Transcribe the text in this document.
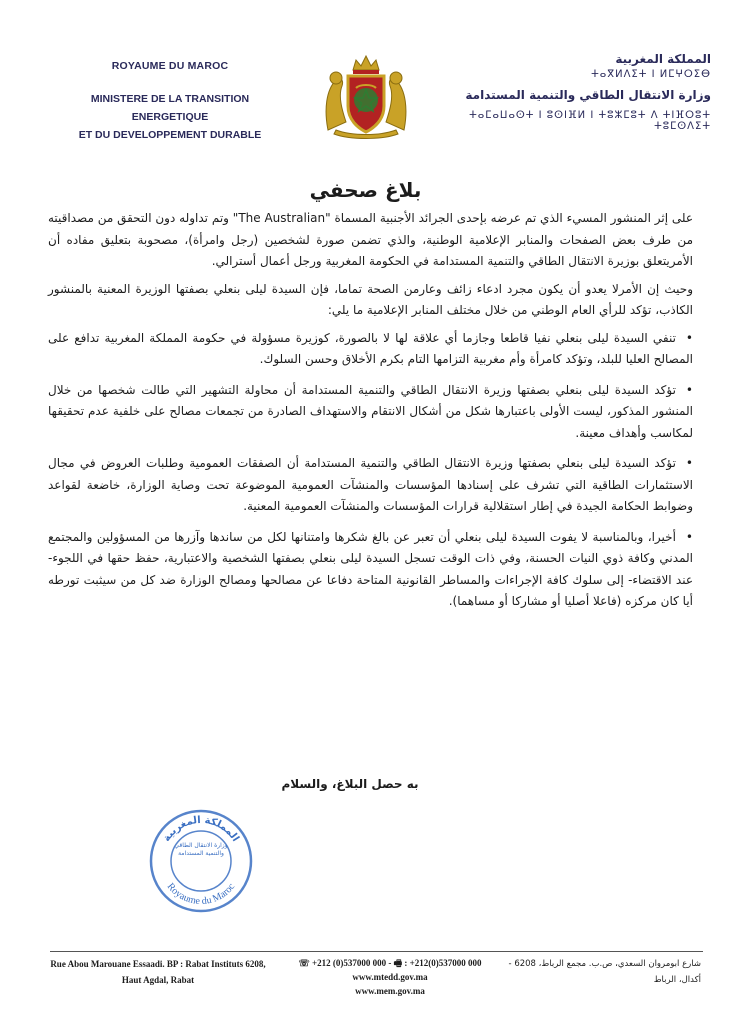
ROYAUME DU MAROC
MINISTERE DE LA TRANSITION ENERGETIQUE
ET DU DEVELOPPEMENT DURABLE
المملكة المغربية
ⵜⴰⴳⵍⴷⵉⵜ ⵏ ⵍⵎⵖⵔⵉⴱ
وزارة الانتقال الطاقي والتنمية المستدامة
ⵜⴰⵎⴰⵡⴰⵙⵜ ⵏ ⵓⵙⵏⴼⵍ ⵏ ⵜⵓⵣⵎⵓⵜ ⴷ ⵜⵏⴼⵔⵓⵜ ⵜⵓⵎⵙⴷⵉⵜ
بلاغ صحفي

على إثر المنشور المسيء الذي تم عرضه بإحدى الجرائد الأجنبية المسماة "The Australian" وتم تداوله دون التحقق من مصداقيته من طرف بعض الصفحات والمنابر الإعلامية الوطنية، والذي تضمن صورة لشخصين (رجل وامرأة)، مصحوبة بتعليق مفاده أن الأمريتعلق بوزيرة الانتقال الطاقي والتنمية المستدامة في الحكومة المغربية ورجل أعمال أسترالي.

وحيث إن الأمرلا يعدو أن يكون مجرد ادعاء زائف وعارمن الصحة تماما، فإن السيدة ليلى بنعلي بصفتها الوزيرة المعنية بالمنشور الكاذب، تؤكد للرأي العام الوطني من خلال مختلف المنابر الإعلامية ما يلي:

• تنفي السيدة ليلى بنعلي نفيا قاطعا وجازما أي علاقة لها لا بالصورة، كوزيرة مسؤولة في حكومة المملكة المغربية تدافع على المصالح العليا للبلد، وتؤكد كامرأة وأم مغربية التزامها التام بكرم الأخلاق وحسن السلوك.

• تؤكد السيدة ليلى بنعلي بصفتها وزيرة الانتقال الطاقي والتنمية المستدامة أن محاولة التشهير التي طالت شخصها من خلال المنشور المذكور، ليست الأولى باعتبارها شكل من أشكال الانتقام والاستهداف الصادرة من تجمعات مصالح على خلفية عدم تحقيقها لمكاسب وأهداف معينة.

• تؤكد السيدة ليلى بنعلي بصفتها وزيرة الانتقال الطاقي والتنمية المستدامة أن الصفقات العمومية وطلبات العروض في مجال الاستثمارات الطاقية التي تشرف على إسنادها المؤسسات والمنشآت العمومية الموضوعة تحت وصاية الوزارة، خاضعة لقواعد وضوابط الحكامة الجيدة في إطار استقلالية قرارات المؤسسات والمنشآت العمومية المعنية.

• أخيرا، وبالمناسبة لا يفوت السيدة ليلى بنعلي أن تعبر عن بالغ شكرها وامتنانها لكل من ساندها وآزرها من المسؤولين والمجتمع المدني وكافة ذوي النيات الحسنة، وفي ذات الوقت تسجل السيدة ليلى بنعلي بصفتها الشخصية والاعتبارية، حفظ حقها في اللجوء-عند الاقتضاء- إلى سلوك كافة الإجراءات والمساطر القانونية المتاحة دفاعا عن مصالحها ومصالح الوزارة ضد كل من سيثبت تورطه أيا كان مركزه (فاعلا أصليا أو مشاركا أو مساهما).

به حصل البلاغ، والسلام
المملكة المغربية
Royaume du Maroc
وزارة الانتقال الطاقي والتنمية المستدامة
Rue Abou Marouane Essaadi. BP : Rabat Instituts 6208,
Haut Agdal, Rabat
☏ +212 (0)537000 000 - 🖷 : +212(0)537000 000
www.mtedd.gov.ma
www.mem.gov.ma
شارع ابومروان السعدي، ص.ب. مجمع الرباط، 6208 -
أكدال، الرباط
